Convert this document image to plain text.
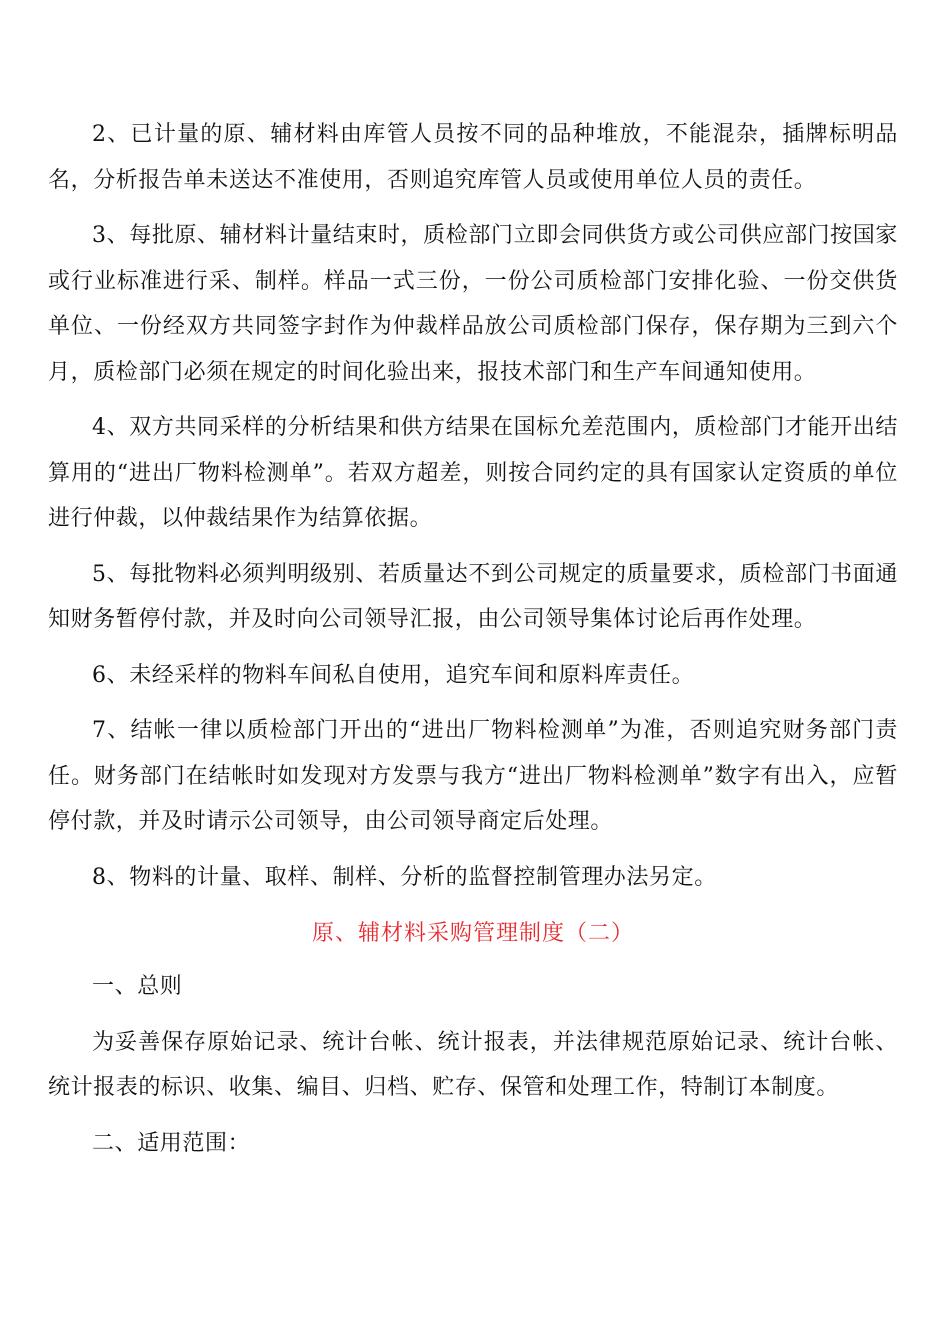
2、已计量的原、辅材料由库管人员按不同的品种堆放，不能混杂，插牌标明品名，分析报告单未送达不准使用，否则追究库管人员或使用单位人员的责任。

3、每批原、辅材料计量结束时，质检部门立即会同供货方或公司供应部门按国家或行业标准进行采、制样。样品一式三份，一份公司质检部门安排化验、一份交供货单位、一份经双方共同签字封作为仲裁样品放公司质检部门保存，保存期为三到六个月，质检部门必须在规定的时间化验出来，报技术部门和生产车间通知使用。

4、双方共同采样的分析结果和供方结果在国标允差范围内，质检部门才能开出结算用的“进出厂物料检测单”。若双方超差，则按合同约定的具有国家认定资质的单位进行仲裁，以仲裁结果作为结算依据。

5、每批物料必须判明级别、若质量达不到公司规定的质量要求，质检部门书面通知财务暂停付款，并及时向公司领导汇报，由公司领导集体讨论后再作处理。

6、未经采样的物料车间私自使用，追究车间和原料库责任。

7、结帐一律以质检部门开出的“进出厂物料检测单”为准，否则追究财务部门责任。财务部门在结帐时如发现对方发票与我方“进出厂物料检测单”数字有出入，应暂停付款，并及时请示公司领导，由公司领导商定后处理。

8、物料的计量、取样、制样、分析的监督控制管理办法另定。

原、辅材料采购管理制度（二）

一、总则

为妥善保存原始记录、统计台帐、统计报表，并法律规范原始记录、统计台帐、统计报表的标识、收集、编目、归档、贮存、保管和处理工作，特制订本制度。

二、适用范围：
